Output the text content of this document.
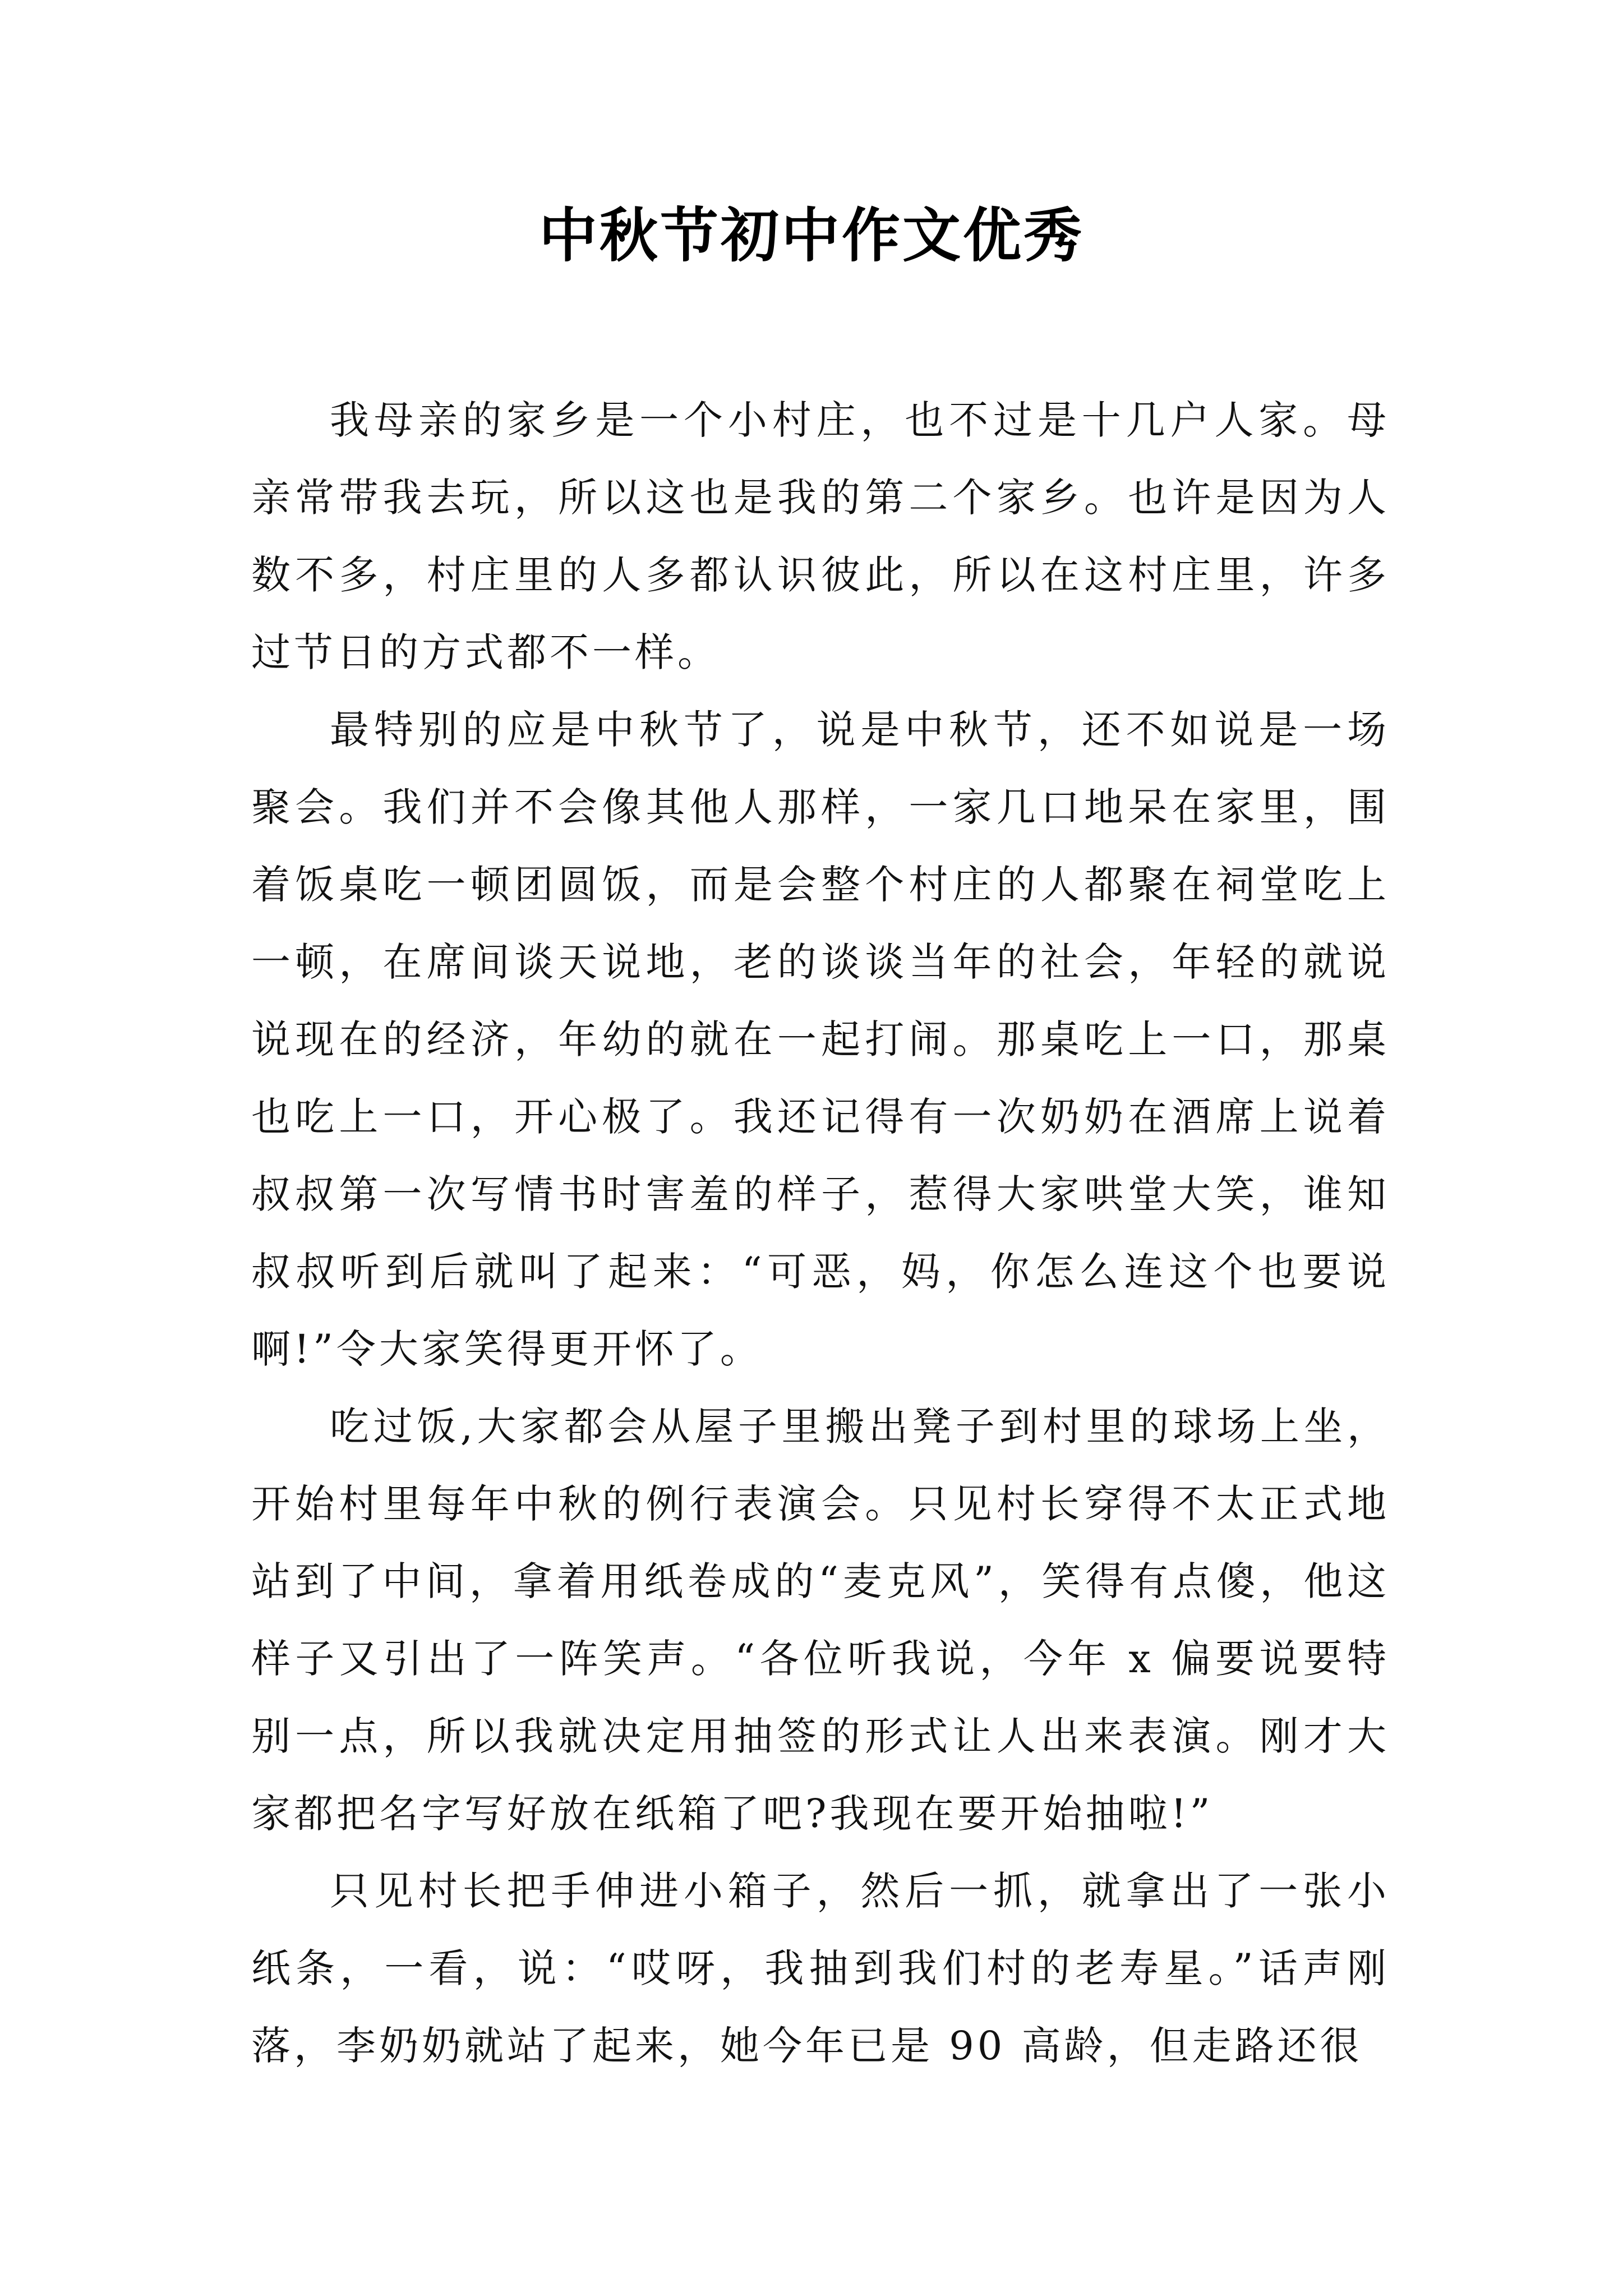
中秋节初中作文优秀

我母亲的家乡是一个小村庄，也不过是十几户人家。母亲常带我去玩，所以这也是我的第二个家乡。也许是因为人数不多，村庄里的人多都认识彼此，所以在这村庄里，许多过节日的方式都不一样。

最特别的应是中秋节了，说是中秋节，还不如说是一场聚会。我们并不会像其他人那样，一家几口地呆在家里，围着饭桌吃一顿团圆饭，而是会整个村庄的人都聚在祠堂吃上一顿，在席间谈天说地，老的谈谈当年的社会，年轻的就说说现在的经济，年幼的就在一起打闹。那桌吃上一口，那桌也吃上一口，开心极了。我还记得有一次奶奶在酒席上说着叔叔第一次写情书时害羞的样子，惹得大家哄堂大笑，谁知叔叔听到后就叫了起来：“可恶，妈，你怎么连这个也要说啊!”令大家笑得更开怀了。

吃过饭,大家都会从屋子里搬出凳子到村里的球场上坐，开始村里每年中秋的例行表演会。只见村长穿得不太正式地站到了中间，拿着用纸卷成的“麦克风”，笑得有点傻，他这样子又引出了一阵笑声。“各位听我说，今年 x 偏要说要特别一点，所以我就决定用抽签的形式让人出来表演。刚才大家都把名字写好放在纸箱了吧?我现在要开始抽啦!”

只见村长把手伸进小箱子，然后一抓，就拿出了一张小纸条，一看，说：“哎呀，我抽到我们村的老寿星。”话声刚落，李奶奶就站了起来，她今年已是 90 高龄，但走路还很
